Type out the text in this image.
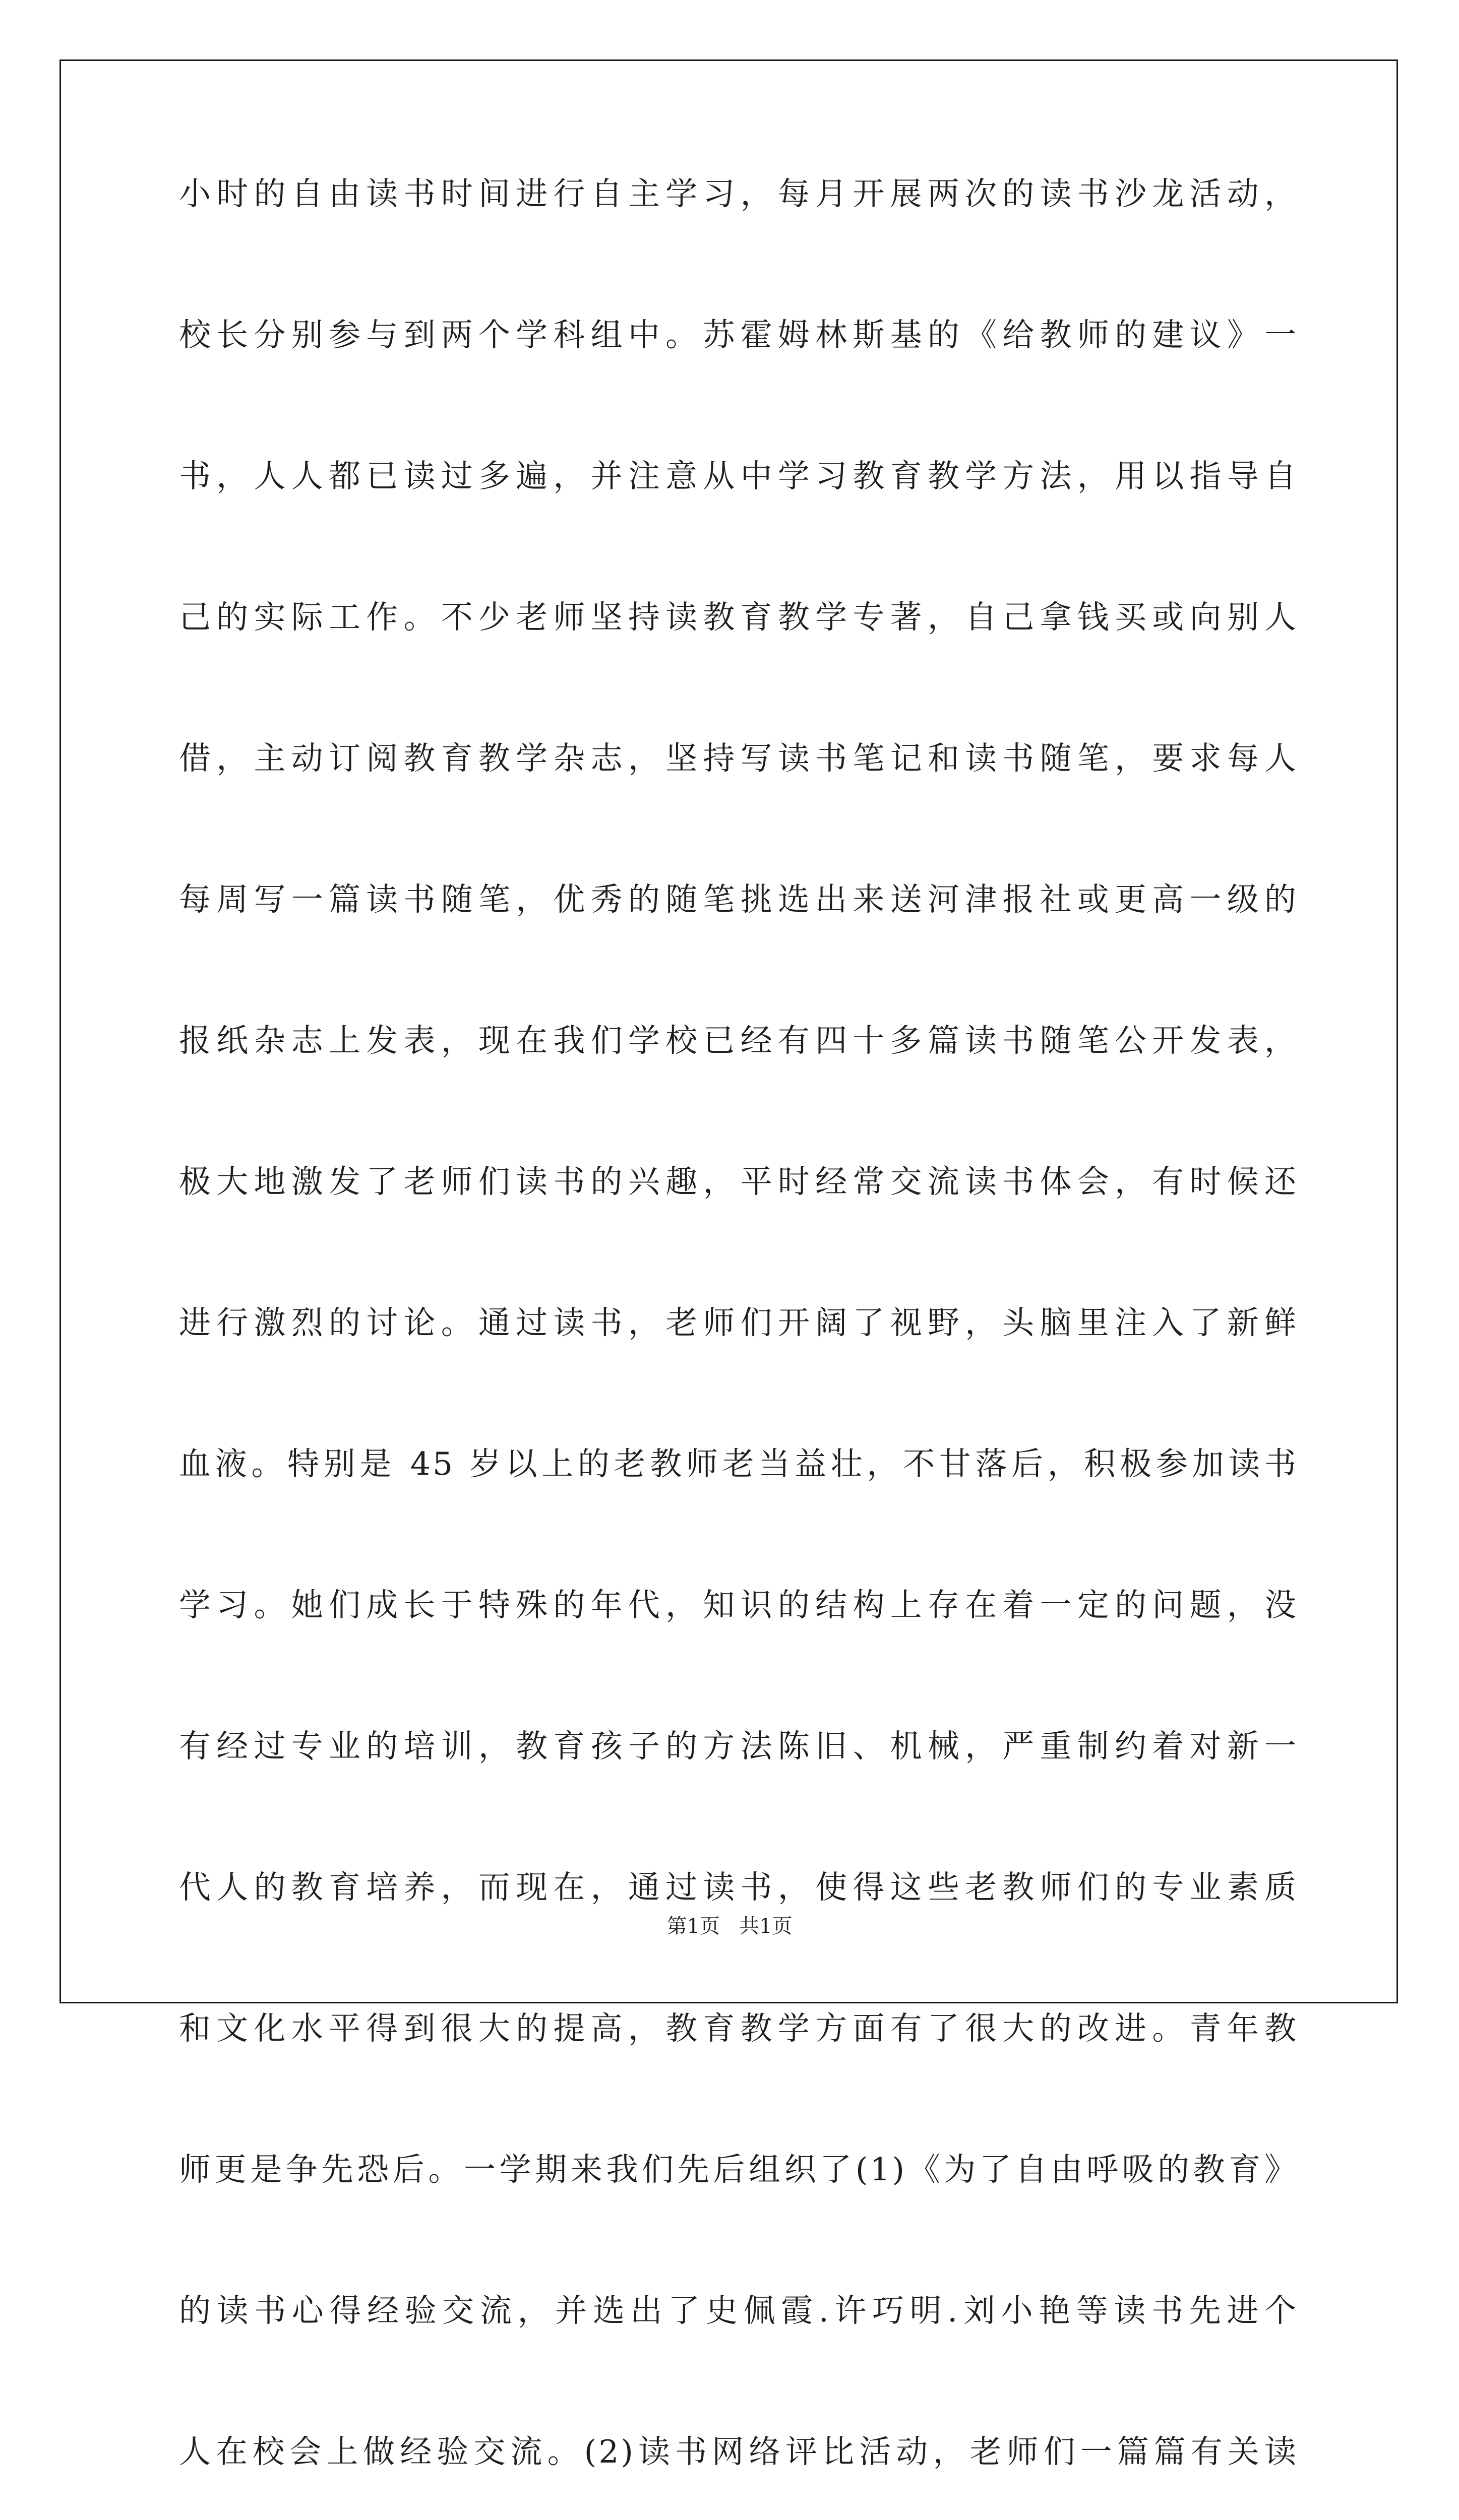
小时的自由读书时间进行自主学习，每月开展两次的读书沙龙活动，
校长分别参与到两个学科组中。苏霍姆林斯基的《给教师的建议》一
书，人人都已读过多遍，并注意从中学习教育教学方法，用以指导自
己的实际工作。不少老师坚持读教育教学专著，自己拿钱买或向别人
借，主动订阅教育教学杂志，坚持写读书笔记和读书随笔，要求每人
每周写一篇读书随笔，优秀的随笔挑选出来送河津报社或更高一级的
报纸杂志上发表，现在我们学校已经有四十多篇读书随笔公开发表，
极大地激发了老师们读书的兴趣，平时经常交流读书体会，有时候还
进行激烈的讨论。通过读书，老师们开阔了视野，头脑里注入了新鲜
血液。特别是 45 岁以上的老教师老当益壮，不甘落后，积极参加读书
学习。她们成长于特殊的年代，知识的结构上存在着一定的问题，没
有经过专业的培训，教育孩子的方法陈旧、机械，严重制约着对新一
代人的教育培养，而现在，通过读书，使得这些老教师们的专业素质
和文化水平得到很大的提高，教育教学方面有了很大的改进。青年教
师更是争先恐后。一学期来我们先后组织了(1)《为了自由呼吸的教育》
的读书心得经验交流，并选出了史佩霞.许巧明.刘小艳等读书先进个
人在校会上做经验交流。(2)读书网络评比活动，老师们一篇篇有关读
第1页   共1页
